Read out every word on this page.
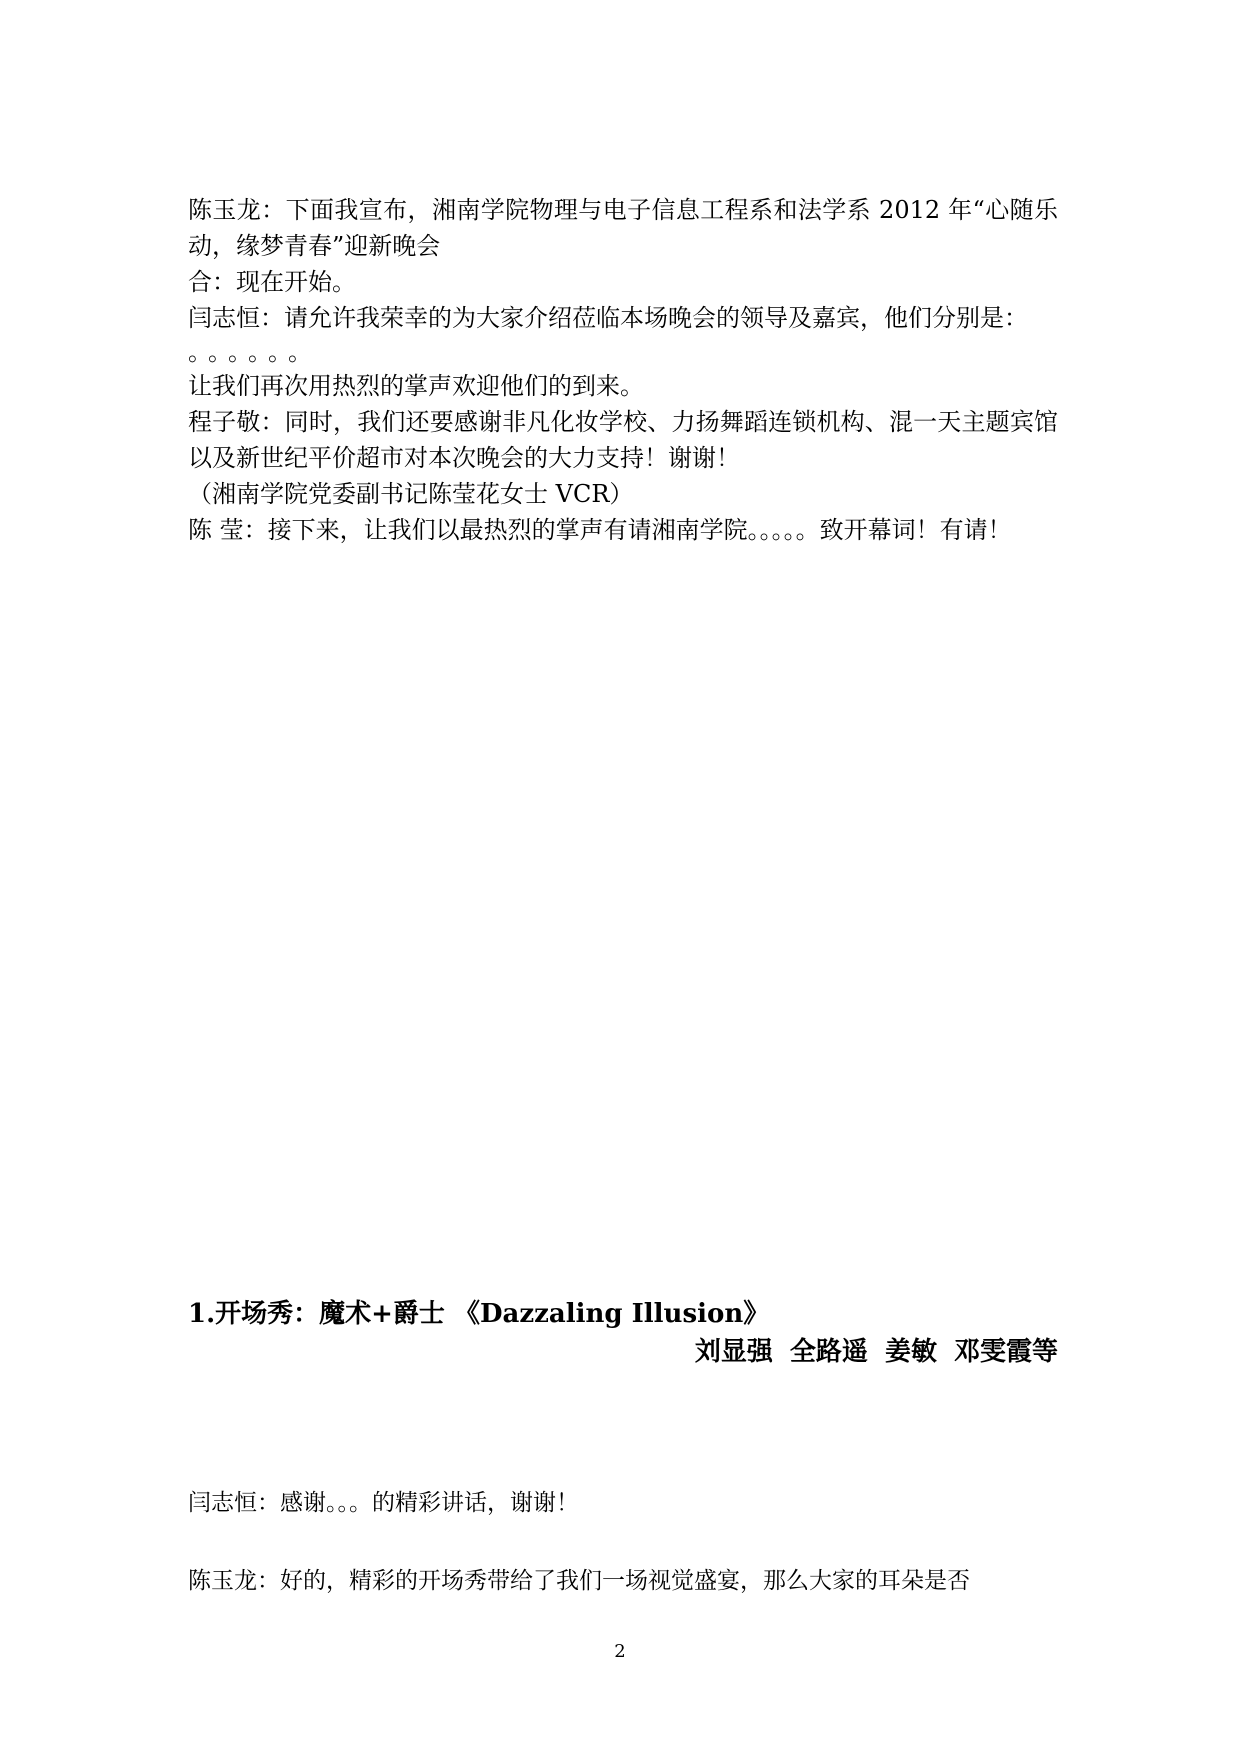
陈玉龙：下面我宣布，湘南学院物理与电子信息工程系和法学系 2012 年“心随乐动，缘梦青春”迎新晚会

合：现在开始。

闫志恒：请允许我荣幸的为大家介绍莅临本场晚会的领导及嘉宾，他们分别是：

。。。。。。

让我们再次用热烈的掌声欢迎他们的到来。

程子敬：同时，我们还要感谢非凡化妆学校、力扬舞蹈连锁机构、混一天主题宾馆以及新世纪平价超市对本次晚会的大力支持！谢谢！

（湘南学院党委副书记陈莹花女士 VCR）

陈 莹：接下来，让我们以最热烈的掌声有请湘南学院。。。。。致开幕词！有请！

1.开场秀：魔术+爵士 《Dazzaling Illusion》

刘显强 全路遥 姜敏 邓雯霞等

闫志恒：感谢。。。的精彩讲话，谢谢！

陈玉龙：好的，精彩的开场秀带给了我们一场视觉盛宴，那么大家的耳朵是否

2
